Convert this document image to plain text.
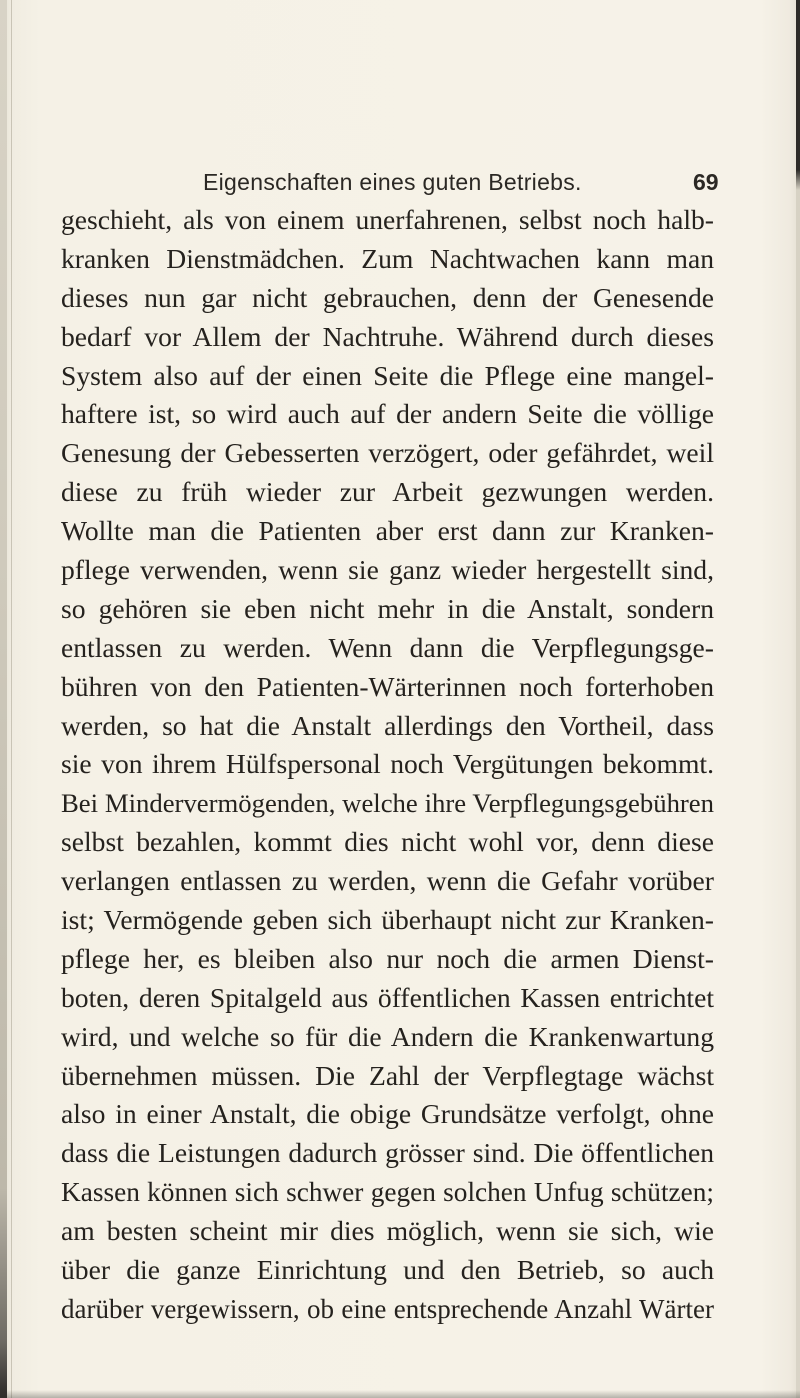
Eigenschaften eines guten Betriebs.	69
geschieht, als von einem unerfahrenen, selbst noch halb-
kranken Dienstmädchen. Zum Nachtwachen kann man
dieses nun gar nicht gebrauchen, denn der Genesende
bedarf vor Allem der Nachtruhe. Während durch dieses
System also auf der einen Seite die Pflege eine mangel-
haftere ist, so wird auch auf der andern Seite die völlige
Genesung der Gebesserten verzögert, oder gefährdet, weil
diese zu früh wieder zur Arbeit gezwungen werden.
Wollte man die Patienten aber erst dann zur Kranken-
pflege verwenden, wenn sie ganz wieder hergestellt sind,
so gehören sie eben nicht mehr in die Anstalt, sondern
entlassen zu werden. Wenn dann die Verpflegungsge-
bühren von den Patienten-Wärterinnen noch forterhoben
werden, so hat die Anstalt allerdings den Vortheil, dass
sie von ihrem Hülfspersonal noch Vergütungen bekommt.
Bei Mindervermögenden, welche ihre Verpflegungsgebühren
selbst bezahlen, kommt dies nicht wohl vor, denn diese
verlangen entlassen zu werden, wenn die Gefahr vorüber
ist; Vermögende geben sich überhaupt nicht zur Kranken-
pflege her, es bleiben also nur noch die armen Dienst-
boten, deren Spitalgeld aus öffentlichen Kassen entrichtet
wird, und welche so für die Andern die Krankenwartung
übernehmen müssen. Die Zahl der Verpflegtage wächst
also in einer Anstalt, die obige Grundsätze verfolgt, ohne
dass die Leistungen dadurch grösser sind. Die öffentlichen
Kassen können sich schwer gegen solchen Unfug schützen;
am besten scheint mir dies möglich, wenn sie sich, wie
über die ganze Einrichtung und den Betrieb, so auch
darüber vergewissern, ob eine entsprechende Anzahl Wärter
